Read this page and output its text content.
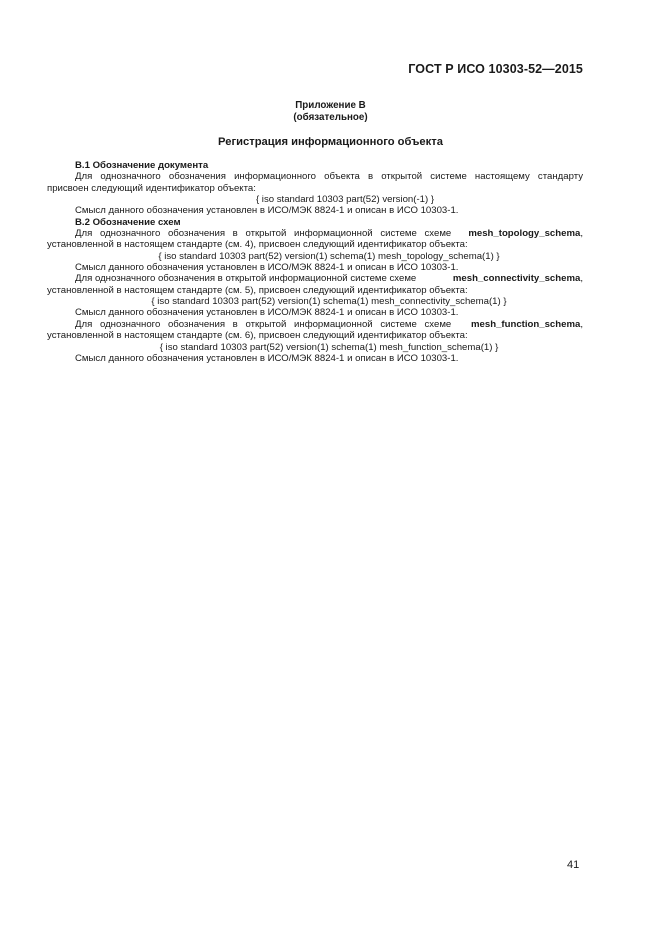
ГОСТ Р ИСО 10303-52—2015
Приложение В
(обязательное)
Регистрация информационного объекта
В.1 Обозначение документа
Для однозначного обозначения информационного объекта в открытой системе настоящему стандарту
присвоен следующий идентификатор объекта:
{ iso standard 10303 part(52) version(-1) }
Смысл данного обозначения установлен в ИСО/МЭК 8824-1 и описан в ИСО 10303-1.
В.2 Обозначение схем
Для однозначного обозначения в открытой информационной системе схеме mesh_topology_schema,
установленной в настоящем стандарте (см. 4), присвоен следующий идентификатор объекта:
{ iso standard 10303 part(52) version(1) schema(1) mesh_topology_schema(1) }
Смысл данного обозначения установлен в ИСО/МЭК 8824-1 и описан в ИСО 10303-1.
Для однозначного обозначения в открытой информационной системе схеме	mesh_connectivity_schema,
установленной в настоящем стандарте (см. 5), присвоен следующий идентификатор объекта:
{ iso standard 10303 part(52) version(1) schema(1) mesh_connectivity_schema(1) }
Смысл данного обозначения установлен в ИСО/МЭК 8824-1 и описан в ИСО 10303-1.
Для однозначного обозначения в открытой информационной системе схеме mesh_function_schema,
установленной в настоящем стандарте (см. 6), присвоен следующий идентификатор объекта:
{ iso standard 10303 part(52) version(1) schema(1) mesh_function_schema(1) }
Смысл данного обозначения установлен в ИСО/МЭК 8824-1 и описан в ИСО 10303-1.
41
